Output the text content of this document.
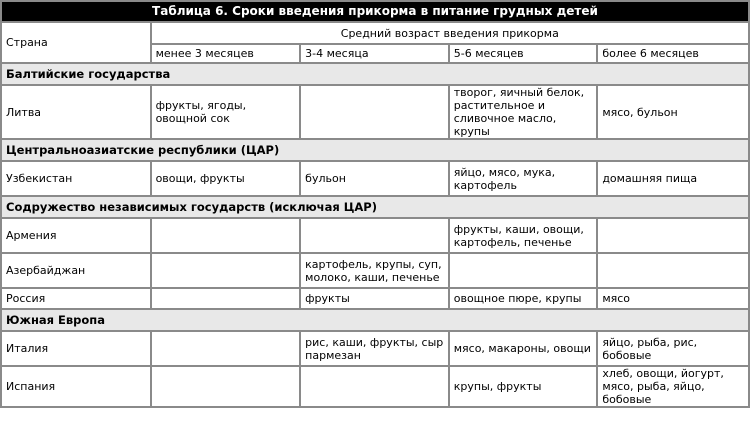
Таблица 6. Сроки введения прикорма в питание грудных детей				
Страна	Средний возраст введения прикорма			
	менее 3 месяцев	3-4 месяца	5-6 месяцев	более 6 месяцев
Балтийские государства				
Литва	фрукты, ягоды, овощной сок		творог, яичный белок, растительное и сливочное масло, крупы	мясо, бульон
Центральноазиатские республики (ЦАР)				
Узбекистан	овощи, фрукты	бульон	яйцо, мясо, мука, картофель	домашняя пища
Содружество независимых государств (исключая ЦАР)				
Армения			фрукты, каши, овощи, картофель, печенье	
Азербайджан		картофель, крупы, суп, молоко, каши, печенье		
Россия		фрукты	овощное пюре, крупы	мясо
Южная Европа				
Италия		рис, каши, фрукты, сыр пармезан	мясо, макароны, овощи	яйцо, рыба, рис, бобовые
Испания			крупы, фрукты	хлеб, овощи, йогурт, мясо, рыба, яйцо, бобовые
